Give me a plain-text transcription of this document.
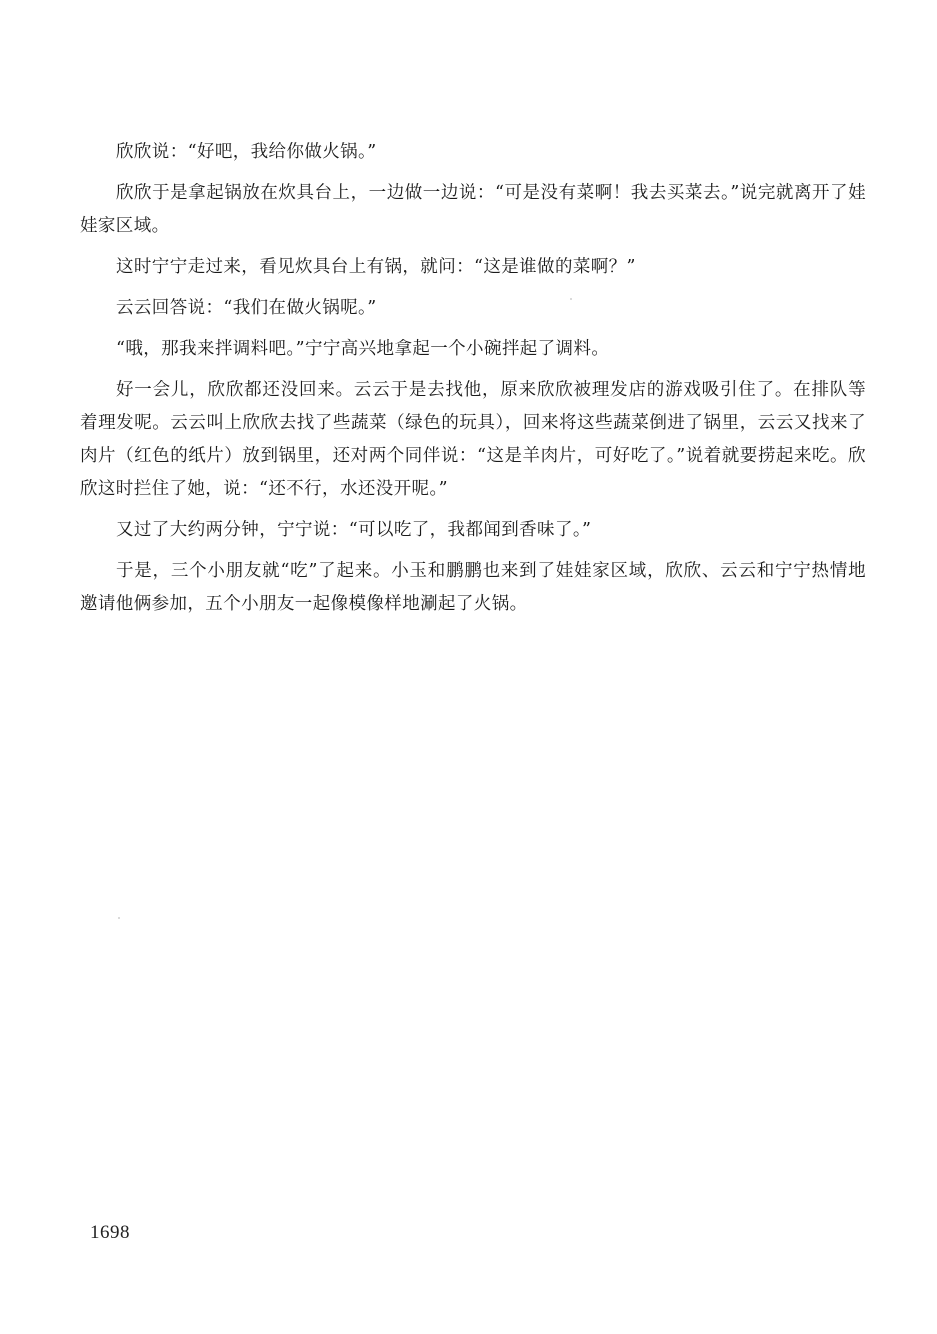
欣欣说：“好吧，我给你做火锅。”

欣欣于是拿起锅放在炊具台上，一边做一边说：“可是没有菜啊！我去买菜去。”说完就离开了娃娃家区域。

这时宁宁走过来，看见炊具台上有锅，就问：“这是谁做的菜啊？”

云云回答说：“我们在做火锅呢。”

“哦，那我来拌调料吧。”宁宁高兴地拿起一个小碗拌起了调料。

好一会儿，欣欣都还没回来。云云于是去找他，原来欣欣被理发店的游戏吸引住了。在排队等着理发呢。云云叫上欣欣去找了些蔬菜（绿色的玩具），回来将这些蔬菜倒进了锅里，云云又找来了肉片（红色的纸片）放到锅里，还对两个同伴说：“这是羊肉片，可好吃了。”说着就要捞起来吃。欣欣这时拦住了她，说：“还不行，水还没开呢。”

又过了大约两分钟，宁宁说：“可以吃了，我都闻到香味了。”

于是，三个小朋友就“吃”了起来。小玉和鹏鹏也来到了娃娃家区域，欣欣、云云和宁宁热情地邀请他俩参加，五个小朋友一起像模像样地涮起了火锅。

1698
